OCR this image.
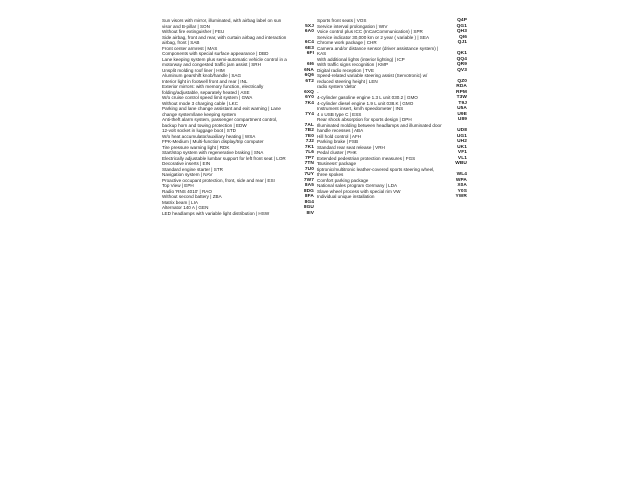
Sun visors with mirror, illuminated, with airbag label on sun visor and B-pillar | SON	5XJ
Without fire extinguisher | FEU	6A0
Side airbag, front and rear, with curtain airbag and interaction airbag, front | SAB	6C4
Front center armrest | MAS	6E3
Components with special surface appearance | DBD	6FI
Lane keeping system plus semi-automatic vehicle control in a motorway and congested traffic jam assist | SRH	6I6
Unsplit molding roof liner | HIM	6NA
Aluminum gearshift knob/handle | SAG	6Q6
Interior light in footwell front and rear | INL	6T2
Exterior mirrors: with memory function, electrically folding/adjustable, separately heated | ASE	6XQ
W/o cruise control speed limit system | GWA	6Y0
Without mode 3 charging cable | LKC	7K4
Parking and lane change assistant and exit warning | Lane change system/lane keeping system	7Y4
Anti-theft alarm system, passenger compartment control, backup horn and towing protection | EDW	7AL
12-volt socket in luggage boot | STD	7B2
W/o heat accumulator/auxiliary heating | WSA	7E0
FPK-Medium | Multi-function display/trip computer	7J2
Tire pressure warning light | RDK	7K1
Start/stop system with regenerative braking | SNA	7L6
Electrically adjustable lumbar support for left front seat | LOR	7P7
Decorative inserts | EIN	7TN
Standard engine starter | STR	7U0
Navigation system | NAV	7UY
Proactive occupant protection, front, side and rear | ESI	7W7
Top View | EPH	8A5
Radio 'RNS 4010' | RAO	8DG
Without second battery | ZBA	8FA
Matrix beam | LIA	8G4
Alternator 140 A | GEN	8GU
LED headlamps with variable light distribution | HSW	8IV
Sports front seats | VOS	Q4P
Service interval prolongation | WIV	QG1
Voice control plus ICC (InCarCommunication) | SPR	QH3
Service indicator 30,000 km or 2 year ( variable ) | SEA	QI6
Chrome work package | CHR	QJ1
Camera and/or distance sensor (driver assistance system) | KAS	QK1
With additional lights (interior lighting) | ICP	QQ4
With traffic signs recognition | KMP	QR9
Digital radio reception | TVE	QV3
Speed-related variable steering assist (Servotronic) w/ reduced steering height | LEN	QZ0
radio system 'delta'	RDA
-	RPM
4-cylinder gasoline engine 1.3 L unit 030.2 | GMO	T3W
4-cylinder diesel engine 1.9 L unit 038.K | GMO	T9J
Instrument insert, km/h speedometer | INS	U5A
4 x USB type C | ESS	U9E
Rear shock absorption for sports design | DPH	U89
Illuminated molding between headlamps and illuminated door handle recesses | ABA	UD8
Hill hold control | AFH	UG1
Parking brake | FSB	UH2
Standard rear seat release | VRH	UK1
Pedal cluster | PHK	VF1
Extended pedestrian protection measures | FGS	VL1
'Business' package	WBU
tiptronic/multitronic leather-covered sports steering wheel, three spokes	WL4
Comfort parking package	WPA
National sales program Germany | LDA	X0A
Slave wheel process with special rim VW	Y0S
Individual unique installation	YWR
